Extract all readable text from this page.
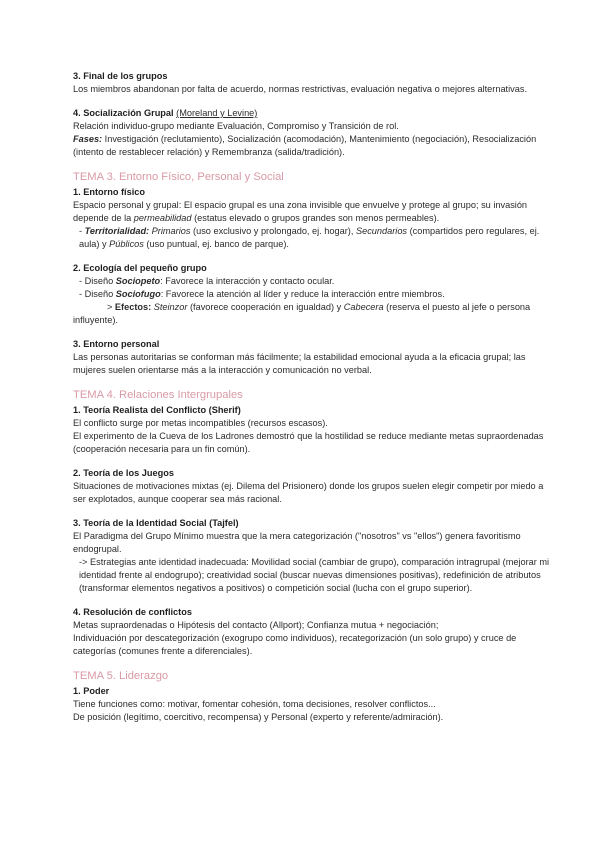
3. Final de los grupos

Los miembros abandonan por falta de acuerdo, normas restrictivas, evaluación negativa o mejores alternativas.

4. Socialización Grupal (Moreland y Levine)

Relación individuo-grupo mediante Evaluación, Compromiso y Transición de rol.

Fases: Investigación (reclutamiento), Socialización (acomodación), Mantenimiento (negociación), Resocialización (intento de restablecer relación) y Remembranza (salida/tradición).

TEMA 3. Entorno Físico, Personal y Social
1. Entorno físico

Espacio personal y grupal: El espacio grupal es una zona invisible que envuelve y protege al grupo; su invasión depende de la permeabilidad (estatus elevado o grupos grandes son menos permeables).

- Territorialidad: Primarios (uso exclusivo y prolongado, ej. hogar), Secundarios (compartidos pero regulares, ej. aula) y Públicos (uso puntual, ej. banco de parque).

2. Ecología del pequeño grupo

- Diseño Sociopeto: Favorece la interacción y contacto ocular.

- Diseño Sociofugo: Favorece la atención al líder y reduce la interacción entre miembros.

> Efectos: Steinzor (favorece cooperación en igualdad) y Cabecera (reserva el puesto al jefe o persona influyente).

3. Entorno personal

Las personas autoritarias se conforman más fácilmente; la estabilidad emocional ayuda a la eficacia grupal; las mujeres suelen orientarse más a la interacción y comunicación no verbal.

TEMA 4. Relaciones Intergrupales
1. Teoría Realista del Conflicto (Sherif)

El conflicto surge por metas incompatibles (recursos escasos).

El experimento de la Cueva de los Ladrones demostró que la hostilidad se reduce mediante metas supraordenadas (cooperación necesaria para un fin común).

2. Teoría de los Juegos

Situaciones de motivaciones mixtas (ej. Dilema del Prisionero) donde los grupos suelen elegir competir por miedo a ser explotados, aunque cooperar sea más racional.

3. Teoría de la Identidad Social (Tajfel)

El Paradigma del Grupo Mínimo muestra que la mera categorización ("nosotros" vs "ellos") genera favoritismo endogrupal.

-> Estrategias ante identidad inadecuada: Movilidad social (cambiar de grupo), comparación intragrupal (mejorar mi identidad frente al endogrupo); creatividad social (buscar nuevas dimensiones positivas), redefinición de atributos (transformar elementos negativos a positivos) o competición social (lucha con el grupo superior).

4. Resolución de conflictos

Metas supraordenadas o Hipótesis del contacto (Allport); Confianza mutua + negociación;

Individuación por descategorización (exogrupo como individuos), recategorización (un solo grupo) y cruce de categorías (comunes frente a diferenciales).

TEMA 5. Liderazgo
1. Poder

Tiene funciones como: motivar, fomentar cohesión, toma decisiones, resolver conflictos...

De posición (legítimo, coercitivo, recompensa) y Personal (experto y referente/admiración).
